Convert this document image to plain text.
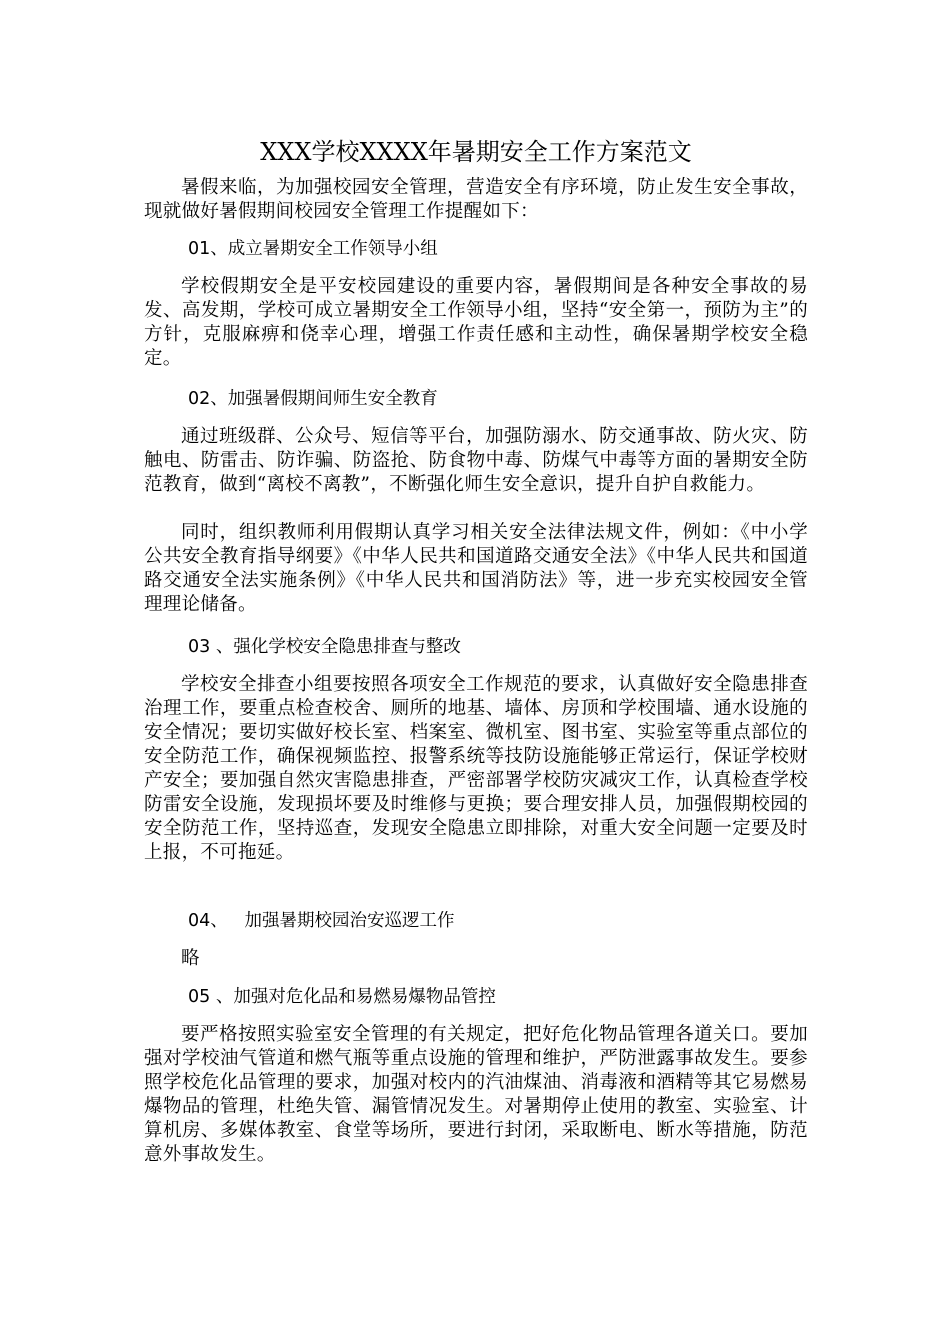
XXX学校XXXX年暑期安全工作方案范文
暑假来临，为加强校园安全管理，营造安全有序环境，防止发生安全事故，现就做好暑假期间校园安全管理工作提醒如下：
01、成立暑期安全工作领导小组
学校假期安全是平安校园建设的重要内容，暑假期间是各种安全事故的易发、高发期，学校可成立暑期安全工作领导小组，坚持“安全第一，预防为主”的方针，克服麻痹和侥幸心理，增强工作责任感和主动性，确保暑期学校安全稳定。
02、加强暑假期间师生安全教育
通过班级群、公众号、短信等平台，加强防溺水、防交通事故、防火灾、防触电、防雷击、防诈骗、防盗抢、防食物中毒、防煤气中毒等方面的暑期安全防范教育，做到“离校不离教”，不断强化师生安全意识，提升自护自救能力。
同时，组织教师利用假期认真学习相关安全法律法规文件，例如：《中小学公共安全教育指导纲要》《中华人民共和国道路交通安全法》《中华人民共和国道路交通安全法实施条例》《中华人民共和国消防法》等，进一步充实校园安全管理理论储备。
03 、强化学校安全隐患排查与整改
学校安全排查小组要按照各项安全工作规范的要求，认真做好安全隐患排查治理工作，要重点检查校舍、厕所的地基、墙体、房顶和学校围墙、通水设施的安全情况；要切实做好校长室、档案室、微机室、图书室、实验室等重点部位的安全防范工作，确保视频监控、报警系统等技防设施能够正常运行，保证学校财产安全；要加强自然灾害隐患排查，严密部署学校防灾减灾工作，认真检查学校防雷安全设施，发现损坏要及时维修与更换；要合理安排人员，加强假期校园的安全防范工作，坚持巡查，发现安全隐患立即排除，对重大安全问题一定要及时上报，不可拖延。
04、   加强暑期校园治安巡逻工作
略
05 、加强对危化品和易燃易爆物品管控
要严格按照实验室安全管理的有关规定，把好危化物品管理各道关口。要加强对学校油气管道和燃气瓶等重点设施的管理和维护，严防泄露事故发生。要参照学校危化品管理的要求，加强对校内的汽油煤油、消毒液和酒精等其它易燃易爆物品的管理，杜绝失管、漏管情况发生。对暑期停止使用的教室、实验室、计算机房、多媒体教室、食堂等场所，要进行封闭，采取断电、断水等措施，防范意外事故发生。
